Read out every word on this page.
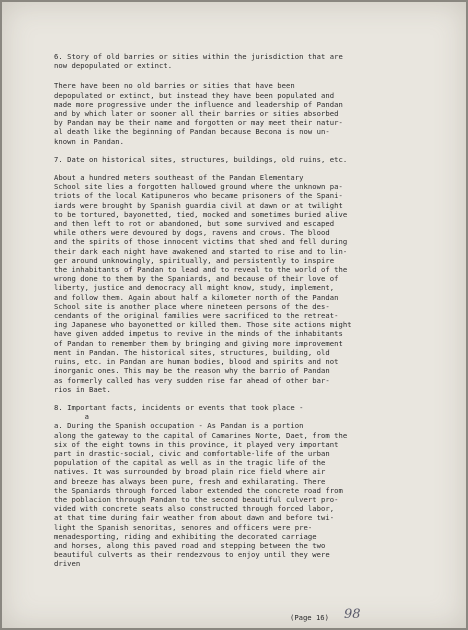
6. Story of old barries or sities within the jurisdiction that are
now depopulated or extinct.

There have been no old barries or sities that have been
depopulated or extinct, but instead they have been populated and
made more progressive under the influence and leadership of Pandan
and by which later or sooner all their barries or sities absorbed
by Pandan may be their name and forgotten or may meet their natur-
al death like the beginning of Pandan because Becona is now un-
known in Pandan.

7. Date on historical sites, structures, buildings, old ruins, etc.

About a hundred meters southeast of the Pandan Elementary
School site lies a forgotten hallowed ground where the unknown pa-
triots of the local Katipuneros who became prisoners of the Spani-
iards were brought by Spanish guardia civil at dawn or at twilight
to be tortured, bayonetted, tied, mocked and sometimes buried alive
and then left to rot or abandoned, but some survived and escaped
while others were devoured by dogs, ravens and crows. The blood
and the spirits of those innocent victims that shed and fell during
their dark each night have awakened and started to rise and to lin-
ger around unknowingly, spiritually, and persistently to inspire
the inhabitants of Pandan to lead and to reveal to the world of the
wrong done to them by the Spaniards, and because of their love of
liberty, justice and democracy all might know, study, implement,
and follow them. Again about half a kilometer north of the Pandan
School site is another place where nineteen persons of the des-
cendants of the original families were sacrificed to the retreat-
ing Japanese who bayonetted or killed them. Those site actions might
have given added impetus to revive in the minds of the inhabitants
of Pandan to remember them by bringing and giving more improvement
ment in Pandan. The historical sites, structures, building, old
ruins, etc. in Pandan are human bodies, blood and spirits and not
inorganic ones. This may be the reason why the barrio of Pandan
as formerly called has very sudden rise far ahead of other bar-
rios in Baet.

8. Important facts, incidents or events that took place -

a

a. During the Spanish occupation - As Pandan is a portion
along the gateway to the capital of Camarines Norte, Daet, from the
six of the eight towns in this province, it played very important
part in drastic-social, civic and comfortable-life of the urban
population of the capital as well as in the tragic life of the
natives. It was surrounded by broad plain rice field where air
and breeze has always been pure, fresh and exhilarating. There
the Spaniards through forced labor extended the concrete road from
the poblacion through Pandan to the second beautiful culvert pro-
vided with concrete seats also constructed through forced labor,
at that time during fair weather from about dawn and before twi-
light the Spanish senoritas, senores and officers were pre-
menadesporting, riding and exhibiting the decorated carriage
and horses, along this paved road and stepping between the two
beautiful culverts as their rendezvous to enjoy until they were
driven

(Page 16) 98
